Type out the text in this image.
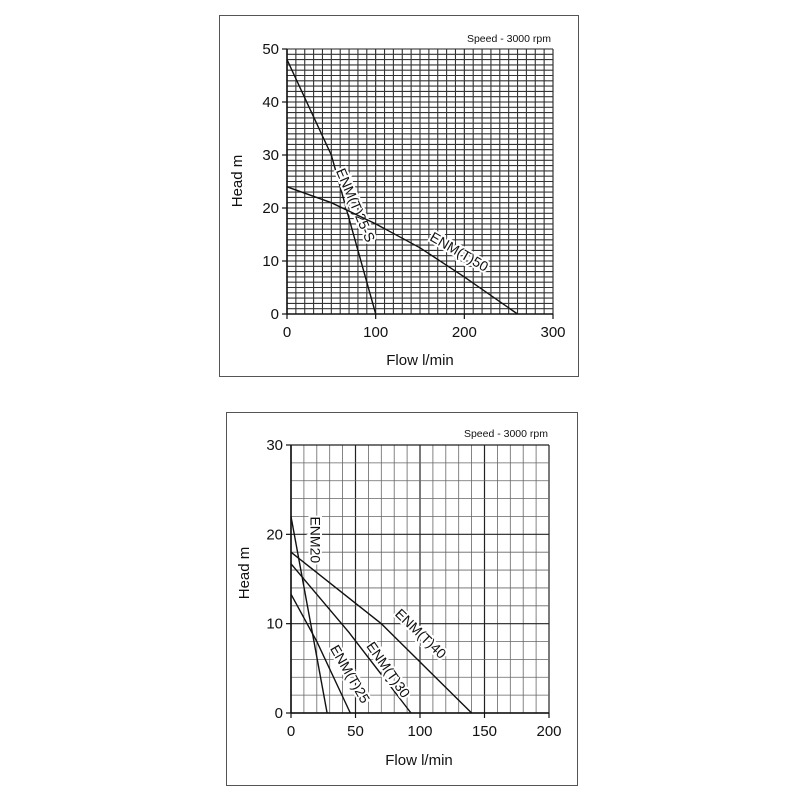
0	100	200	300
0
10
20
30
40
50
Speed - 3000 rpm
Flow l/min
Head m	ENM(T)25-S
ENM(T)50
0	50	100	150	200
0
10
20
30
Speed - 3000 rpm
Flow l/min
Head m
ENM20
ENM(T)25
ENM(T)30
ENM(T)40
